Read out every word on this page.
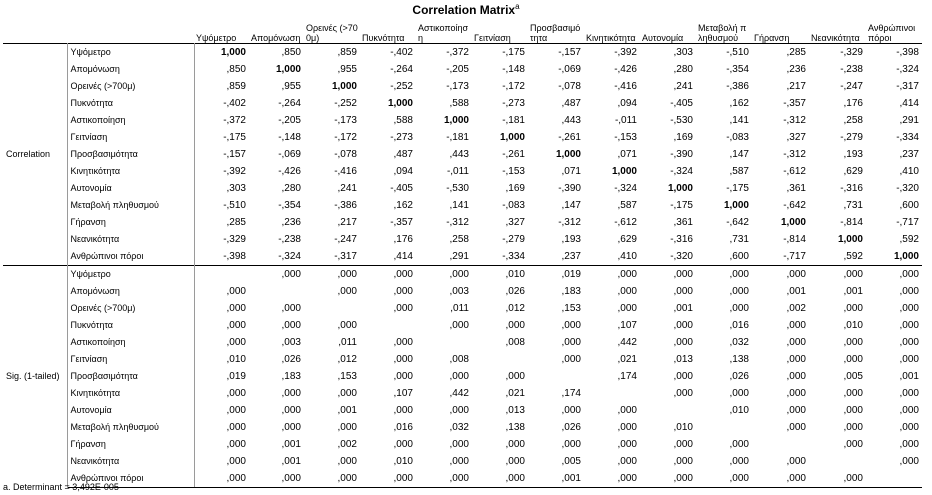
Correlation Matrix$^a$
		Υψόμετρο	Απομόνωση	Ορεινές (>700μ)	Πυκνότητα	Αστικοποίηση	Γειτνίαση	Προσβασιμότητα	Κινητικότητα	Αυτονομία	Μεταβολή πληθυσμού	Γήρανση	Νεανικότητα	Ανθρώπινοι πόροι
Correlation	Υψόμετρο	1,000	,850	,859	-,402	-,372	-,175	-,157	-,392	,303	-,510	,285	-,329	-,398
	Απομόνωση	,850	1,000	,955	-,264	-,205	-,148	-,069	-,426	,280	-,354	,236	-,238	-,324
	Ορεινές (>700μ)	,859	,955	1,000	-,252	-,173	-,172	-,078	-,416	,241	-,386	,217	-,247	-,317
	Πυκνότητα	-,402	-,264	-,252	1,000	,588	-,273	,487	,094	-,405	,162	-,357	,176	,414
	Αστικοποίηση	-,372	-,205	-,173	,588	1,000	-,181	,443	-,011	-,530	,141	-,312	,258	,291
	Γειτνίαση	-,175	-,148	-,172	-,273	-,181	1,000	-,261	-,153	,169	-,083	,327	-,279	-,334
	Προσβασιμότητα	-,157	-,069	-,078	,487	,443	-,261	1,000	,071	-,390	,147	-,312	,193	,237
	Κινητικότητα	-,392	-,426	-,416	,094	-,011	-,153	,071	1,000	-,324	,587	-,612	,629	,410
	Αυτονομία	,303	,280	,241	-,405	-,530	,169	-,390	-,324	1,000	-,175	,361	-,316	-,320
	Μεταβολή πληθυσμού	-,510	-,354	-,386	,162	,141	-,083	,147	,587	-,175	1,000	-,642	,731	,600
	Γήρανση	,285	,236	,217	-,357	-,312	,327	-,312	-,612	,361	-,642	1,000	-,814	-,717
	Νεανικότητα	-,329	-,238	-,247	,176	,258	-,279	,193	,629	-,316	,731	-,814	1,000	,592
	Ανθρώπινοι πόροι	-,398	-,324	-,317	,414	,291	-,334	,237	,410	-,320	,600	-,717	,592	1,000
Sig. (1-tailed)	Υψόμετρο		,000	,000	,000	,000	,010	,019	,000	,000	,000	,000	,000	,000
	Απομόνωση	,000		,000	,000	,003	,026	,183	,000	,000	,000	,001	,001	,000
	Ορεινές (>700μ)	,000	,000		,000	,011	,012	,153	,000	,001	,000	,002	,000	,000
	Πυκνότητα	,000	,000	,000		,000	,000	,000	,107	,000	,016	,000	,010	,000
	Αστικοποίηση	,000	,003	,011	,000		,008	,000	,442	,000	,032	,000	,000	,000
	Γειτνίαση	,010	,026	,012	,000	,008		,000	,021	,013	,138	,000	,000	,000
	Προσβασιμότητα	,019	,183	,153	,000	,000	,000		,174	,000	,026	,000	,005	,001
	Κινητικότητα	,000	,000	,000	,107	,442	,021	,174		,000	,000	,000	,000	,000
	Αυτονομία	,000	,000	,001	,000	,000	,013	,000	,000		,010	,000	,000	,000
	Μεταβολή πληθυσμού	,000	,000	,000	,016	,032	,138	,026	,000	,010		,000	,000	,000
	Γήρανση	,000	,001	,002	,000	,000	,000	,000	,000	,000	,000		,000	,000
	Νεανικότητα	,000	,001	,000	,010	,000	,000	,005	,000	,000	,000	,000		,000
	Ανθρώπινοι πόροι	,000	,000	,000	,000	,000	,000	,001	,000	,000	,000	,000	,000	
a. Determinant = 3,492E-005
